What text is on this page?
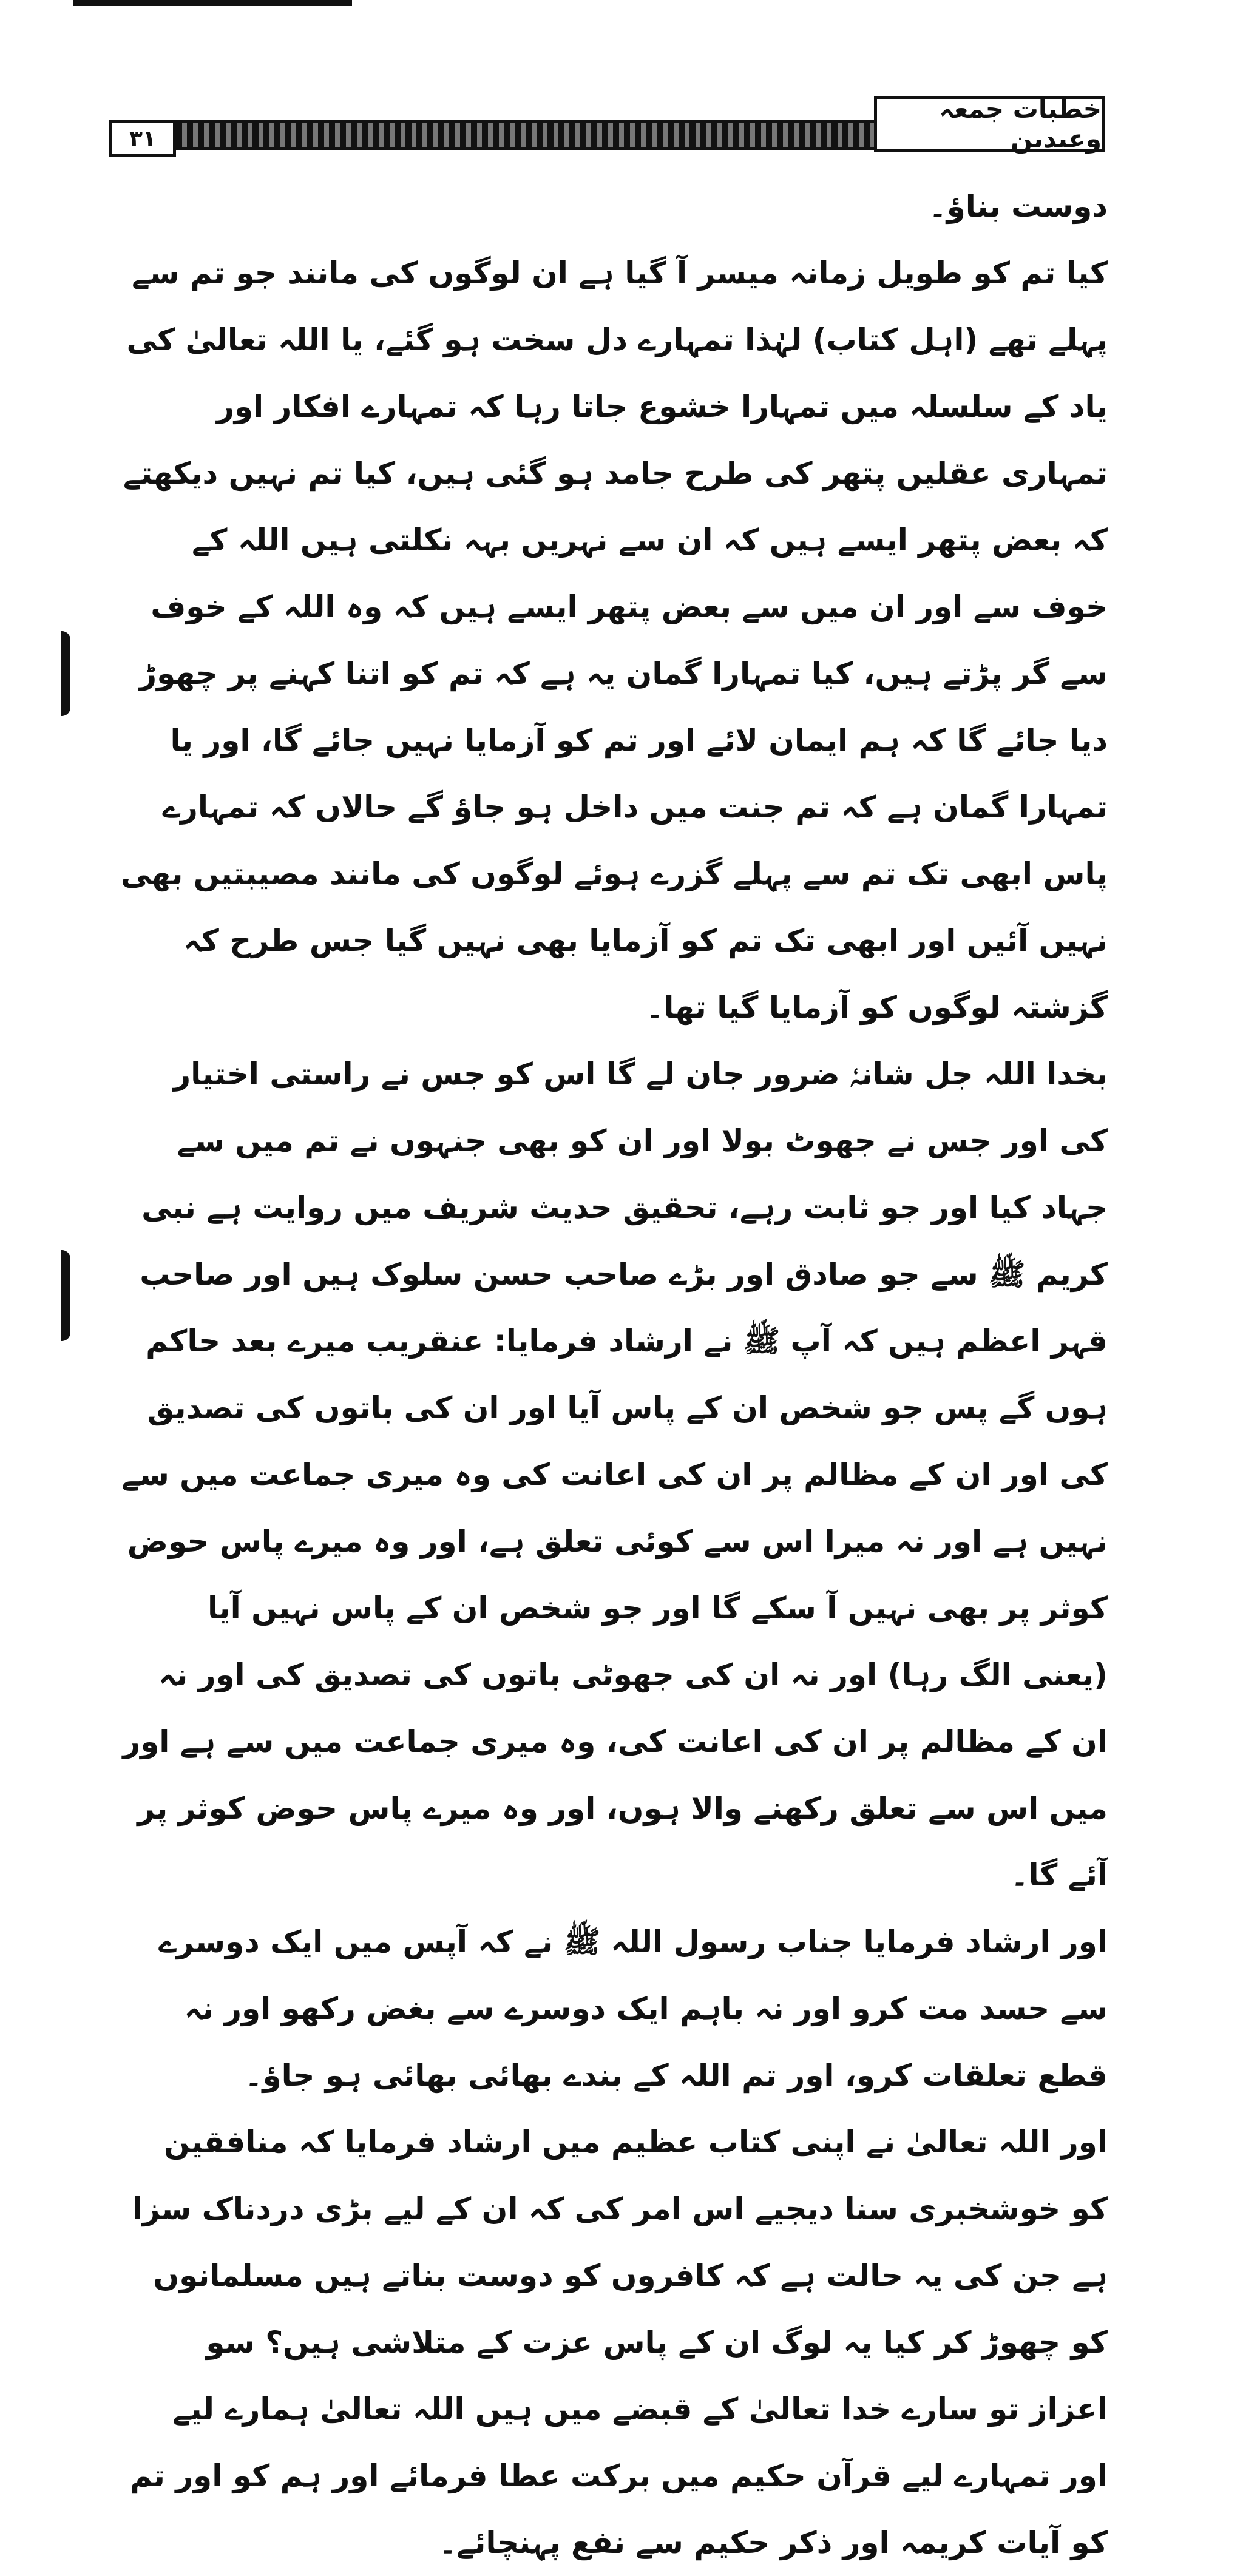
۳۱
خطبات جمعہ وعیدین

دوست بناؤ۔

کیا تم کو طویل زمانہ میسر آ گیا ہے ان لوگوں کی مانند جو تم سے پہلے تھے (اہل کتاب) لہٰذا تمہارے دل سخت ہو گئے، یا اللہ تعالیٰ کی یاد کے سلسلہ میں تمہارا خشوع جاتا رہا کہ تمہارے افکار اور تمہاری عقلیں پتھر کی طرح جامد ہو گئی ہیں، کیا تم نہیں دیکھتے کہ بعض پتھر ایسے ہیں کہ ان سے نہریں بہہ نکلتی ہیں اللہ کے خوف سے اور ان میں سے بعض پتھر ایسے ہیں کہ وہ اللہ کے خوف سے گر پڑتے ہیں، کیا تمہارا گمان یہ ہے کہ تم کو اتنا کہنے پر چھوڑ دیا جائے گا کہ ہم ایمان لائے اور تم کو آزمایا نہیں جائے گا، اور یا تمہارا گمان ہے کہ تم جنت میں داخل ہو جاؤ گے حالاں کہ تمہارے پاس ابھی تک تم سے پہلے گزرے ہوئے لوگوں کی مانند مصیبتیں بھی نہیں آئیں اور ابھی تک تم کو آزمایا بھی نہیں گیا جس طرح کہ گزشتہ لوگوں کو آزمایا گیا تھا۔

بخدا اللہ جل شانہٗ ضرور جان لے گا اس کو جس نے راستی اختیار کی اور جس نے جھوٹ بولا اور ان کو بھی جنہوں نے تم میں سے جہاد کیا اور جو ثابت رہے، تحقیق حدیث شریف میں روایت ہے نبی کریم ﷺ سے جو صادق اور بڑے صاحب حسن سلوک ہیں اور صاحب قہر اعظم ہیں کہ آپ ﷺ نے ارشاد فرمایا: عنقریب میرے بعد حاکم ہوں گے پس جو شخص ان کے پاس آیا اور ان کی باتوں کی تصدیق کی اور ان کے مظالم پر ان کی اعانت کی وہ میری جماعت میں سے نہیں ہے اور نہ میرا اس سے کوئی تعلق ہے، اور وہ میرے پاس حوض کوثر پر بھی نہیں آ سکے گا اور جو شخص ان کے پاس نہیں آیا (یعنی الگ رہا) اور نہ ان کی جھوٹی باتوں کی تصدیق کی اور نہ ان کے مظالم پر ان کی اعانت کی، وہ میری جماعت میں سے ہے اور میں اس سے تعلق رکھنے والا ہوں، اور وہ میرے پاس حوض کوثر پر آئے گا۔

اور ارشاد فرمایا جناب رسول اللہ ﷺ نے کہ آپس میں ایک دوسرے سے حسد مت کرو اور نہ باہم ایک دوسرے سے بغض رکھو اور نہ قطع تعلقات کرو، اور تم اللہ کے بندے بھائی بھائی ہو جاؤ۔

اور اللہ تعالیٰ نے اپنی کتاب عظیم میں ارشاد فرمایا کہ منافقین کو خوشخبری سنا دیجیے اس امر کی کہ ان کے لیے بڑی دردناک سزا ہے جن کی یہ حالت ہے کہ کافروں کو دوست بناتے ہیں مسلمانوں کو چھوڑ کر کیا یہ لوگ ان کے پاس عزت کے متلاشی ہیں؟ سو اعزاز تو سارے خدا تعالیٰ کے قبضے میں ہیں اللہ تعالیٰ ہمارے لیے اور تمہارے لیے قرآن حکیم میں برکت عطا فرمائے اور ہم کو اور تم کو آیات کریمہ اور ذکر حکیم سے نفع پہنچائے۔
